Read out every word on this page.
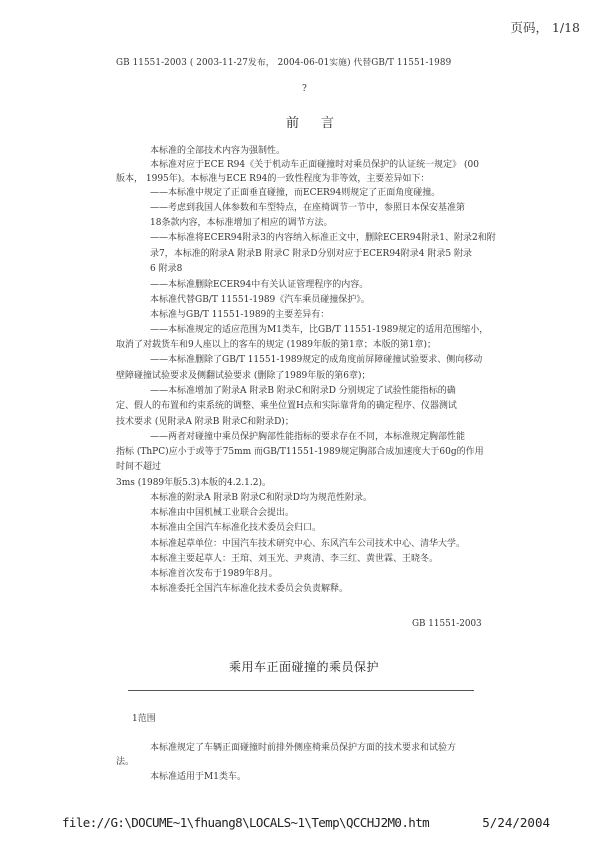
页码， 1/18
GB 11551-2003 ( 2003-11-27发布， 2004-06-01实施) 代替GB/T 11551-1989
?
前言
本标准的全部技术内容为强制性。
本标准对应于ECE R94《关于机动车正面碰撞时对乘员保护的认证统一规定》 (00
版本， 1995年)。本标准与ECE R94的一致性程度为非等效，主要差异如下：
——本标准中规定了正面垂直碰撞，而ECER94则规定了正面角度碰撞。
——考虑到我国人体参数和车型特点，在座椅调节一节中，参照日本保安基准第
18条款内容，本标准增加了相应的调节方法。
——本标准将ECER94附录3的内容纳入标准正文中，删除ECER94附录1、附录2和附
录7，本标准的附录A 附录B 附录C 附录D分别对应于ECER94附录4 附录5 附录
6 附录8
——本标准删除ECER94中有关认证管理程序的内容。
本标准代替GB/T 11551-1989《汽车乘员碰撞保护》。
本标准与GB/T 11551-1989的主要差异有：
——本标准规定的适应范围为M1类车，比GB/T 11551-1989规定的适用范围缩小，
取消了对载货车和9人座以上的客车的规定 (1989年版的第1章；本版的第1章)；
——本标准删除了GB/T 11551-1989规定的成角度前屏障碰撞试验要求、侧向移动
壁障碰撞试验要求及侧翻试验要求 (删除了1989年版的第6章)；
——本标准增加了附录A 附录B 附录C和附录D 分别规定了试验性能指标的确
定、假人的布置和约束系统的调整、乘坐位置H点和实际靠背角的确定程序、仪器测试
技术要求 (见附录A 附录B 附录C和附录D)；
——两者对碰撞中乘员保护胸部性能指标的要求存在不同，本标准规定胸部性能
指标 (ThPC)应小于或等于75mm 而GB/T11551-1989规定胸部合成加速度大于60g的作用
时间不超过
3ms (1989年版5.3)本版的4.2.1.2)。
本标准的附录A 附录B 附录C和附录D均为规范性附录。
本标准由中国机械工业联合会提出。
本标准由全国汽车标准化技术委员会归口。
本标准起草单位：中国汽车技术研究中心、东风汽车公司技术中心、清华大学。
本标准主要起草人：王琯、刘玉光、尹爽清、李三红、黄世霖、王晓冬。
本标准首次发布于1989年8月。
本标准委托全国汽车标准化技术委员会负责解释。
GB 11551-2003
乘用车正面碰撞的乘员保护
1范围
本标准规定了车辆正面碰撞时前排外侧座椅乘员保护方面的技术要求和试验方
法。
本标准适用于M1类车。
file://G:\DOCUME~1\fhuang8\LOCALS~1\Temp\QCCHJ2M0.htm	5/24/2004
